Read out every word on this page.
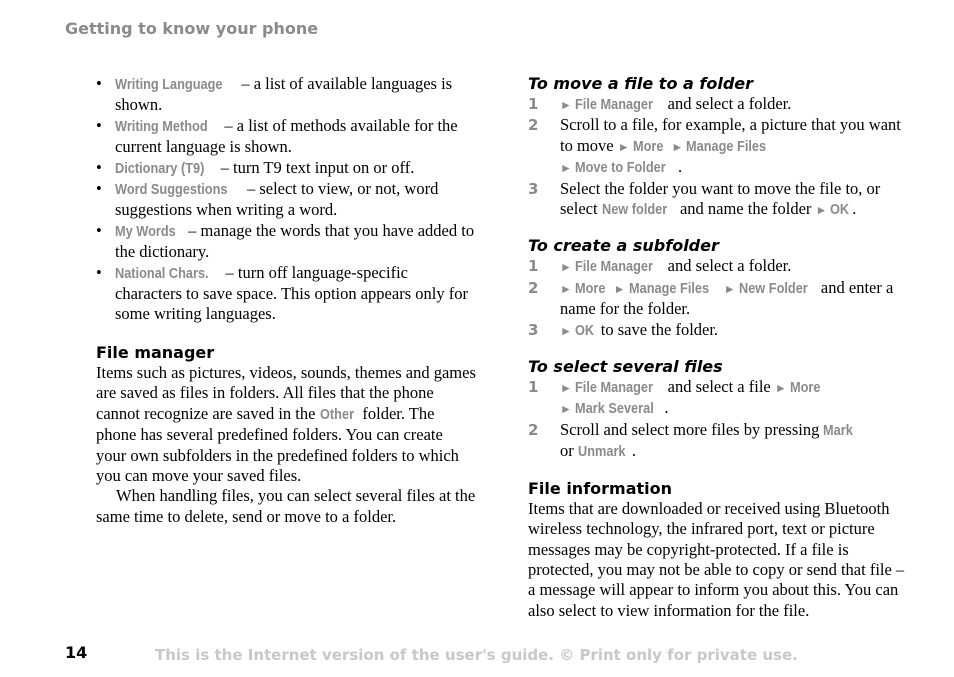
Getting to know your phone
• Writing Language – a list of available languages is shown.
• Writing Method – a list of methods available for the current language is shown.
• Dictionary (T9) – turn T9 text input on or off.
• Word Suggestions – select to view, or not, word suggestions when writing a word.
• My Words – manage the words that you have added to the dictionary.
• National Chars. – turn off language-specific characters to save space. This option appears only for some writing languages.
File manager

Items such as pictures, videos, sounds, themes and games are saved as files in folders. All files that the phone cannot recognize are saved in the Other folder. The phone has several predefined folders. You can create your own subfolders in the predefined folders to which you can move your saved files.

When handling files, you can select several files at the same time to delete, send or move to a folder.

To move a file to a folder
1 ► File Manager and select a folder.
2 Scroll to a file, for example, a picture that you want to move ► More ► Manage Files
► Move to Folder .
3 Select the folder you want to move the file to, or select New folder and name the folder ► OK .
To create a subfolder
1 ► File Manager and select a folder.
2 ► More ► Manage Files ► New Folder and enter a name for the folder.
3 ► OK to save the folder.
To select several files
1 ► File Manager and select a file ► More
► Mark Several .
2 Scroll and select more files by pressing Mark
or Unmark .
File information

Items that are downloaded or received using Bluetooth wireless technology, the infrared port, text or picture messages may be copyright-protected. If a file is protected, you may not be able to copy or send that file – a message will appear to inform you about this. You can also select to view information for the file.

14	This is the Internet version of the user's guide. © Print only for private use.
